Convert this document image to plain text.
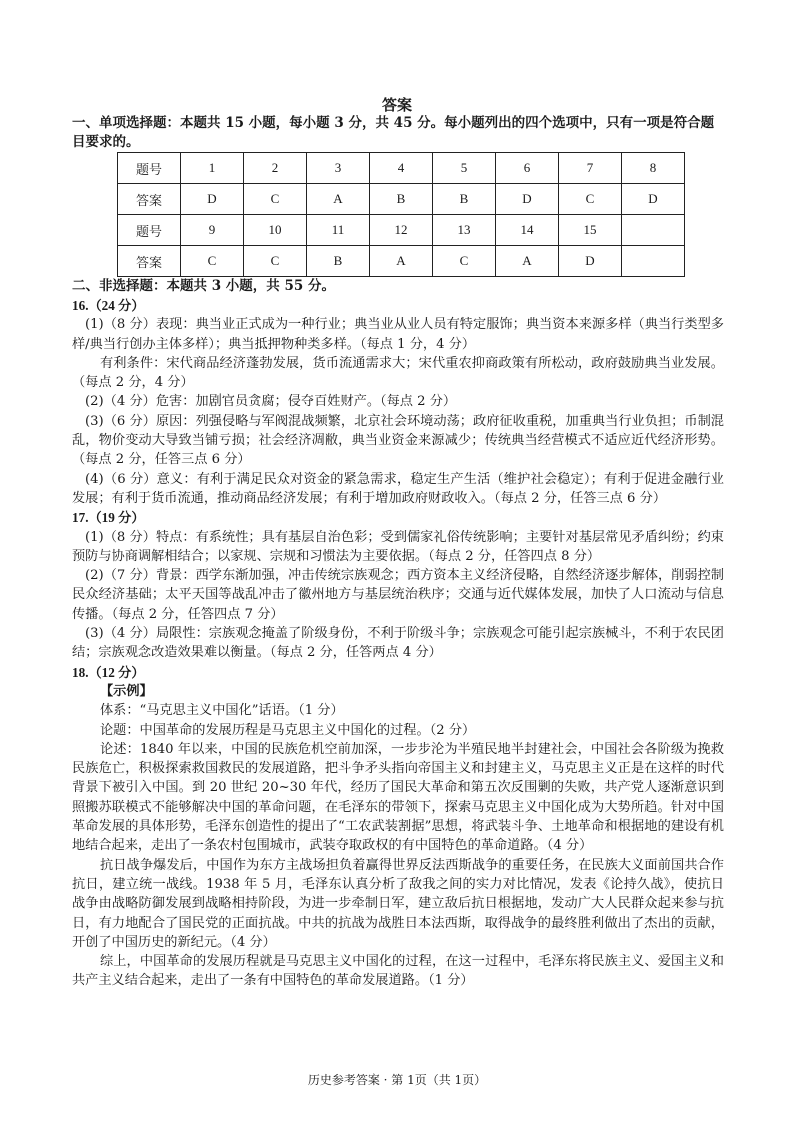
答案
一、单项选择题：本题共 15 小题，每小题 3 分，共 45 分。每小题列出的四个选项中，只有一项是符合题目要求的。
题号	1	2	3	4	5	6	7	8
答案	D	C	A	B	B	D	C	D
题号	9	10	11	12	13	14	15	
答案	C	C	B	A	C	A	D	
二、非选择题：本题共 3 小题，共 55 分。

16.（24 分）

(1)（8 分）表现：典当业正式成为一种行业；典当业从业人员有特定服饰；典当资本来源多样（典当行类型多样/典当行创办主体多样）；典当抵押物种类多样。（每点 1 分，4 分）

有利条件：宋代商品经济蓬勃发展，货币流通需求大；宋代重农抑商政策有所松动，政府鼓励典当业发展。（每点 2 分，4 分）

(2)（4 分）危害：加剧官员贪腐；侵夺百姓财产。（每点 2 分）

(3)（6 分）原因：列强侵略与军阀混战频繁，北京社会环境动荡；政府征收重税，加重典当行业负担；币制混乱，物价变动大导致当铺亏损；社会经济凋敝，典当业资金来源减少；传统典当经营模式不适应近代经济形势。（每点 2 分，任答三点 6 分）

(4)（6 分）意义：有利于满足民众对资金的紧急需求，稳定生产生活（维护社会稳定）；有利于促进金融行业发展；有利于货币流通，推动商品经济发展；有利于增加政府财政收入。（每点 2 分，任答三点 6 分）

17.（19 分）

(1)（8 分）特点：有系统性；具有基层自治色彩；受到儒家礼俗传统影响；主要针对基层常见矛盾纠纷；约束预防与协商调解相结合；以家规、宗规和习惯法为主要依据。（每点 2 分，任答四点 8 分）

(2)（7 分）背景：西学东渐加强，冲击传统宗族观念；西方资本主义经济侵略，自然经济逐步解体，削弱控制民众经济基础；太平天国等战乱冲击了徽州地方与基层统治秩序；交通与近代媒体发展，加快了人口流动与信息传播。（每点 2 分，任答四点 7 分）

(3)（4 分）局限性：宗族观念掩盖了阶级身份，不利于阶级斗争；宗族观念可能引起宗族械斗，不利于农民团结；宗族观念改造效果难以衡量。（每点 2 分，任答两点 4 分）

18.（12 分）

【示例】

体系：“马克思主义中国化”话语。（1 分）

论题：中国革命的发展历程是马克思主义中国化的过程。（2 分）

论述：1840 年以来，中国的民族危机空前加深，一步步沦为半殖民地半封建社会，中国社会各阶级为挽救民族危亡，积极探索救国救民的发展道路，把斗争矛头指向帝国主义和封建主义，马克思主义正是在这样的时代背景下被引入中国。到 20 世纪 20~30 年代，经历了国民大革命和第五次反围剿的失败，共产党人逐渐意识到照搬苏联模式不能够解决中国的革命问题，在毛泽东的带领下，探索马克思主义中国化成为大势所趋。针对中国革命发展的具体形势，毛泽东创造性的提出了“工农武装割据”思想，将武装斗争、土地革命和根据地的建设有机地结合起来，走出了一条农村包围城市，武装夺取政权的有中国特色的革命道路。（4 分）

抗日战争爆发后，中国作为东方主战场担负着赢得世界反法西斯战争的重要任务，在民族大义面前国共合作抗日，建立统一战线。1938 年 5 月，毛泽东认真分析了敌我之间的实力对比情况，发表《论持久战》，使抗日战争由战略防御发展到战略相持阶段，为进一步牵制日军，建立敌后抗日根据地，发动广大人民群众起来参与抗日，有力地配合了国民党的正面抗战。中共的抗战为战胜日本法西斯，取得战争的最终胜利做出了杰出的贡献，开创了中国历史的新纪元。（4 分）

综上，中国革命的发展历程就是马克思主义中国化的过程，在这一过程中，毛泽东将民族主义、爱国主义和共产主义结合起来，走出了一条有中国特色的革命发展道路。（1 分）

历史参考答案 · 第 1页（共 1页）
